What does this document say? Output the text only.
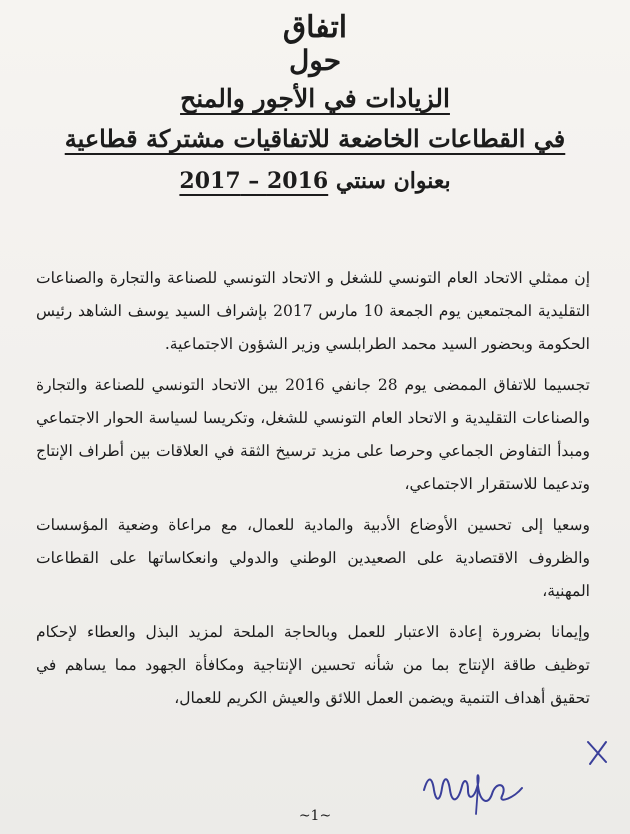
اتفاق
حول
الزيادات في الأجور والمنح
في القطاعات الخاضعة للاتفاقيات مشتركة قطاعية
بعنوان سنتي 2016 – 2017

إن ممثلي الاتحاد العام التونسي للشغل و الاتحاد التونسي للصناعة والتجارة والصناعات التقليدية المجتمعين يوم الجمعة 10 مارس 2017 بإشراف السيد يوسف الشاهد رئيس الحكومة وبحضور السيد محمد الطرابلسي وزير الشؤون الاجتماعية.

تجسيما للاتفاق الممضى يوم 28 جانفي 2016 بين الاتحاد التونسي للصناعة والتجارة والصناعات التقليدية و الاتحاد العام التونسي للشغل، وتكريسا لسياسة الحوار الاجتماعي ومبدأ التفاوض الجماعي وحرصا على مزيد ترسيخ الثقة في العلاقات بين أطراف الإنتاج وتدعيما للاستقرار الاجتماعي،

وسعيا إلى تحسين الأوضاع الأدبية والمادية للعمال، مع مراعاة وضعية المؤسسات والظروف الاقتصادية على الصعيدين الوطني والدولي وانعكاساتها على القطاعات المهنية،

وإيمانا بضرورة إعادة الاعتبار للعمل وبالحاجة الملحة لمزيد البذل والعطاء لإحكام توظيف طاقة الإنتاج بما من شأنه تحسين الإنتاجية ومكافأة الجهود مما يساهم في تحقيق أهداف التنمية ويضمن العمل اللائق والعيش الكريم للعمال،

~1~
